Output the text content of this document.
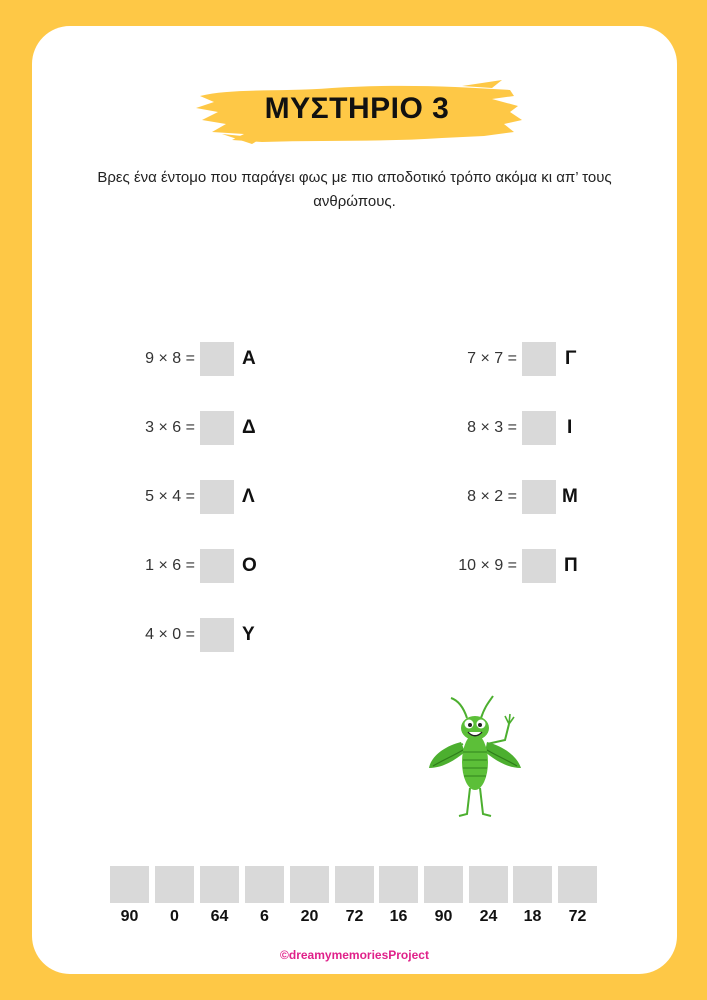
ΜΥΣΤΗΡΙΟ 3
Βρες ένα έντομο που παράγει φως με πιο αποδοτικό τρόπο ακόμα κι απ’ τους ανθρώπους.
9 × 8 = Α
3 × 6 = Δ
5 × 4 = Λ
1 × 6 = Ο
4 × 0 = Υ
7 × 7 =	Γ
8 × 3 =	Ι
8 × 2 = Μ
10 × 9 = Π
90	0	64	6	20	72	16	90	24	18	72
©dreamymemoriesProject
